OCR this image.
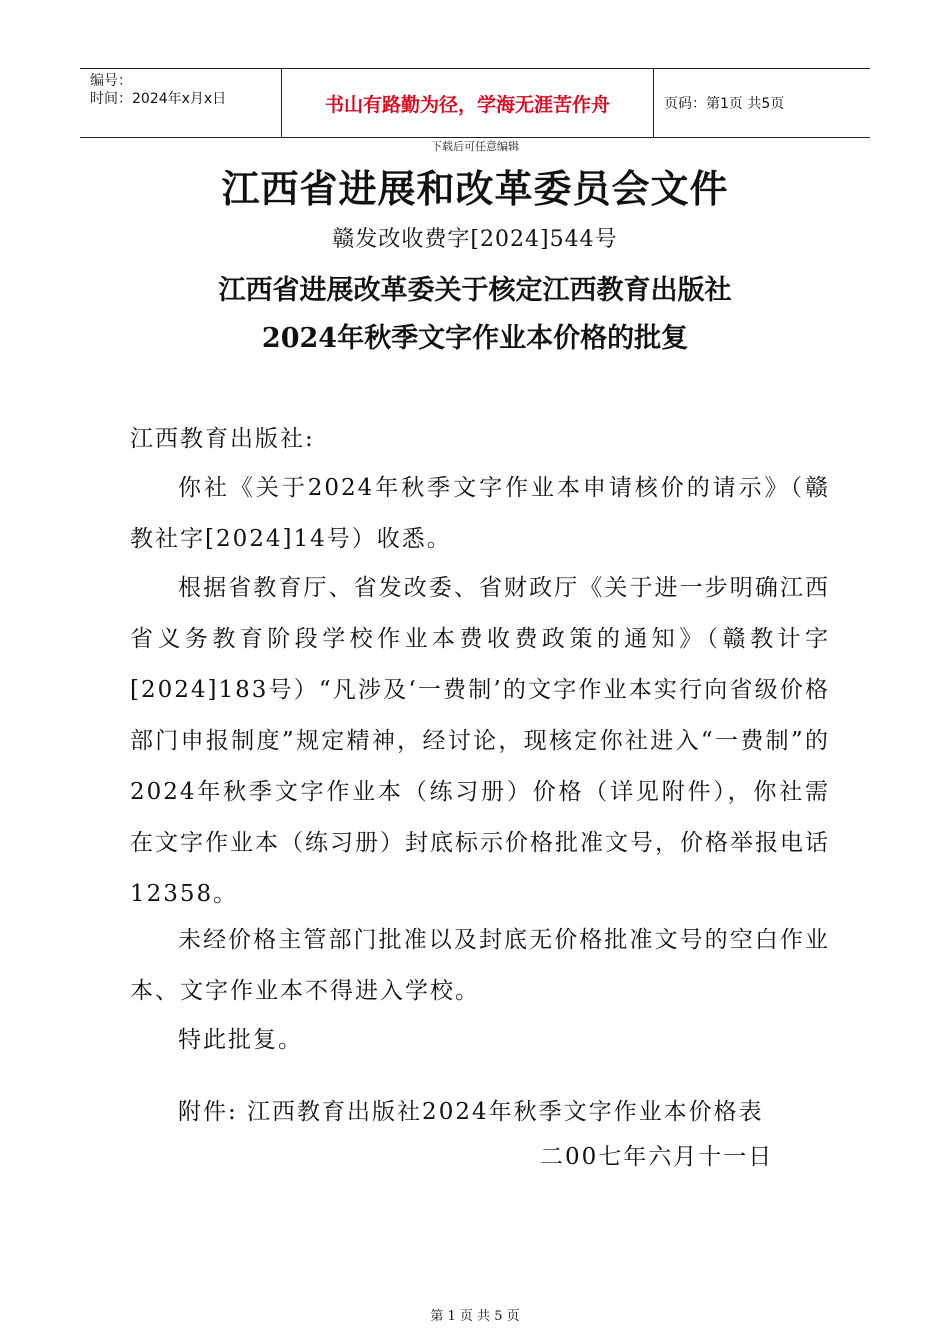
编号：
时间：2024年x月x日	书山有路勤为径，学海无涯苦作舟	页码：第1页 共5页
下载后可任意编辑
江西省进展和改革委员会文件
赣发改收费字[2024]544号
江西省进展改革委关于核定江西教育出版社
2024年秋季文字作业本价格的批复
江西教育出版社:
你社《关于2024年秋季文字作业本申请核价的请示》（赣教社字[2024]14号）收悉。
根据省教育厅、省发改委、省财政厅《关于进一步明确江西省义务教育阶段学校作业本费收费政策的通知》（赣教计字[2024]183号）“凡涉及‘一费制’的文字作业本实行向省级价格部门申报制度”规定精神，经讨论，现核定你社进入“一费制”的2024年秋季文字作业本（练习册）价格（详见附件），你社需在文字作业本（练习册）封底标示价格批准文号，价格举报电话12358。
未经价格主管部门批准以及封底无价格批准文号的空白作业本、文字作业本不得进入学校。
特此批复。
附件: 江西教育出版社2024年秋季文字作业本价格表
二00七年六月十一日
第 1 页 共 5 页
